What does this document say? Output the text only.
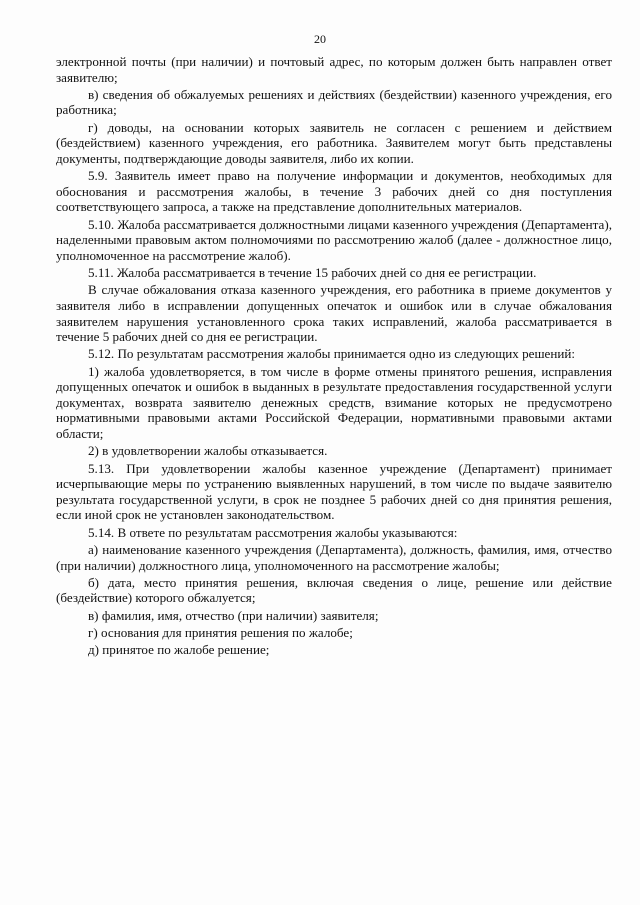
20

электронной почты (при наличии) и почтовый адрес, по которым должен быть направлен ответ заявителю;

в) сведения об обжалуемых решениях и действиях (бездействии) казенного учреждения, его работника;

г) доводы, на основании которых заявитель не согласен с решением и действием (бездействием) казенного учреждения, его работника. Заявителем могут быть представлены документы, подтверждающие доводы заявителя, либо их копии.

5.9. Заявитель имеет право на получение информации и документов, необходимых для обоснования и рассмотрения жалобы, в течение 3 рабочих дней со дня поступления соответствующего запроса, а также на представление дополнительных материалов.

5.10. Жалоба рассматривается должностными лицами казенного учреждения (Департамента), наделенными правовым актом полномочиями по рассмотрению жалоб (далее - должностное лицо, уполномоченное на рассмотрение жалоб).

5.11. Жалоба рассматривается в течение 15 рабочих дней со дня ее регистрации.

В случае обжалования отказа казенного учреждения, его работника в приеме документов у заявителя либо в исправлении допущенных опечаток и ошибок или в случае обжалования заявителем нарушения установленного срока таких исправлений, жалоба рассматривается в течение 5 рабочих дней со дня ее регистрации.

5.12. По результатам рассмотрения жалобы принимается одно из следующих решений:

1) жалоба удовлетворяется, в том числе в форме отмены принятого решения, исправления допущенных опечаток и ошибок в выданных в результате предоставления государственной услуги документах, возврата заявителю денежных средств, взимание которых не предусмотрено нормативными правовыми актами Российской Федерации, нормативными правовыми актами области;

2) в удовлетворении жалобы отказывается.

5.13. При удовлетворении жалобы казенное учреждение (Департамент) принимает исчерпывающие меры по устранению выявленных нарушений, в том числе по выдаче заявителю результата государственной услуги, в срок не позднее 5 рабочих дней со дня принятия решения, если иной срок не установлен законодательством.

5.14. В ответе по результатам рассмотрения жалобы указываются:

а) наименование казенного учреждения (Департамента), должность, фамилия, имя, отчество (при наличии) должностного лица, уполномоченного на рассмотрение жалобы;

б) дата, место принятия решения, включая сведения о лице, решение или действие (бездействие) которого обжалуется;

в) фамилия, имя, отчество (при наличии) заявителя;

г) основания для принятия решения по жалобе;

д) принятое по жалобе решение;
